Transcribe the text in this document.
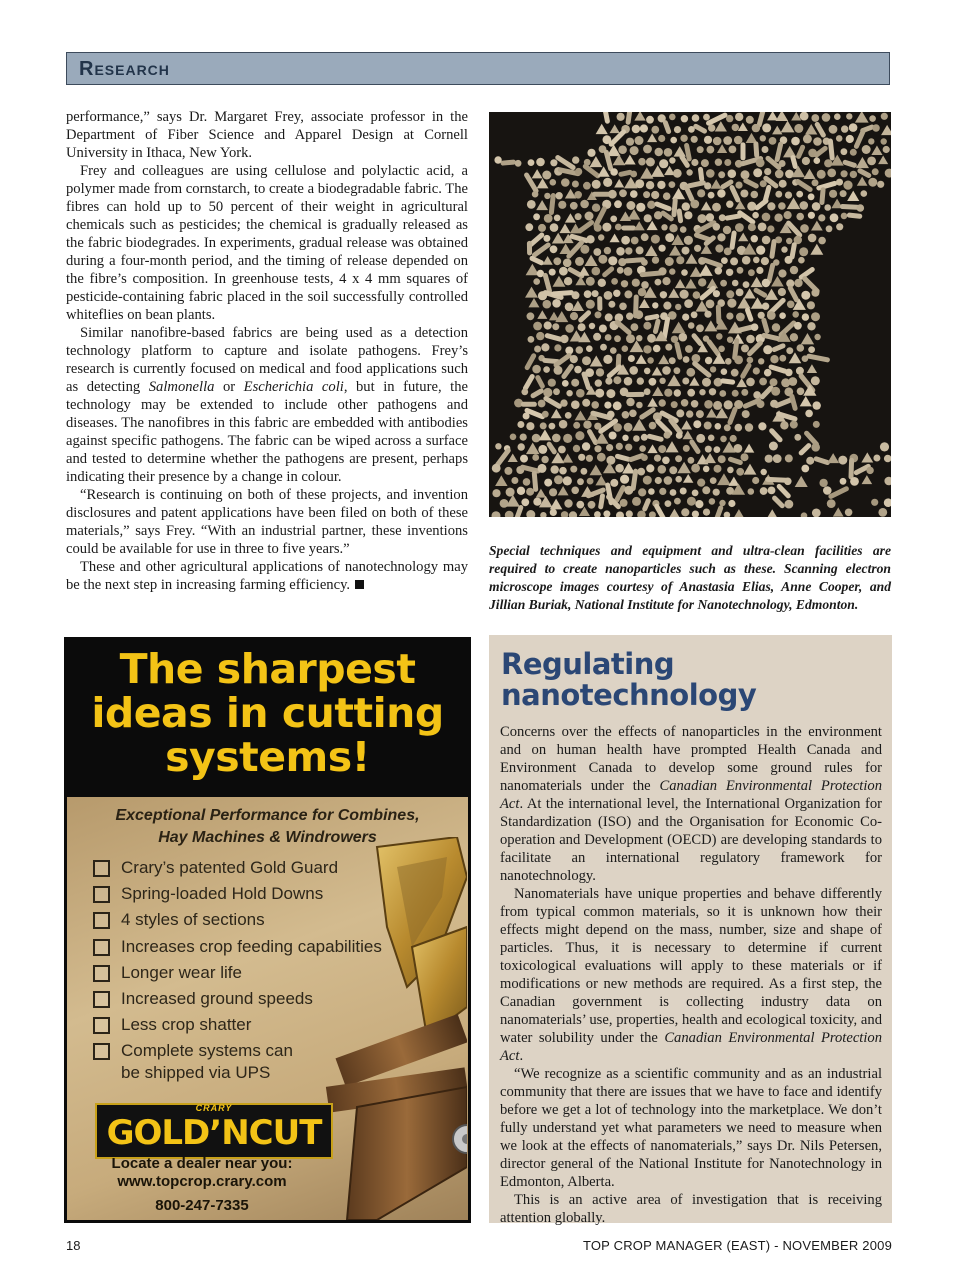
Research

performance,” says Dr. Margaret Frey, associate professor in the Department of Fiber Science and Apparel Design at Cornell University in Ithaca, New York.

Frey and colleagues are using cellulose and polylactic acid, a polymer made from cornstarch, to create a biodegradable fabric. The fibres can hold up to 50 percent of their weight in agricultural chemicals such as pesticides; the chemical is gradually released as the fabric biodegrades. In experiments, gradual release was obtained during a four-month period, and the timing of release depended on the fibre’s composition. In greenhouse tests, 4 x 4 mm squares of pesticide-containing fabric placed in the soil successfully controlled whiteflies on bean plants.

Similar nanofibre-based fabrics are being used as a detection technology platform to capture and isolate pathogens. Frey’s research is currently focused on medical and food applications such as detecting Salmonella or Escherichia coli, but in future, the technology may be extended to include other pathogens and diseases. The nanofibres in this fabric are embedded with antibodies against specific pathogens. The fabric can be wiped across a surface and tested to determine whether the pathogens are present, perhaps indicating their presence by a change in colour.

“Research is continuing on both of these projects, and invention disclosures and patent applications have been filed on both of these materials,” says Frey. “With an industrial partner, these inventions could be available for use in three to five years.”

These and other agricultural applications of nanotechnology may be the next step in increasing farming efficiency.

Special techniques and equipment and ultra-clean facilities are required to create nanoparticles such as these. Scanning electron microscope images courtesy of Anastasia Elias, Anne Cooper, and Jillian Buriak, National Institute for Nanotechnology, Edmonton.
The sharpest
ideas in cutting
systems!
Exceptional Performance for Combines,
Hay Machines & Windrowers
Crary’s patented Gold Guard
Spring-loaded Hold Downs
4 styles of sections
Increases crop feeding capabilities
Longer wear life
Increased ground speeds
Less crop shatter
Complete systems can
be shipped via UPS
CRARY
GOLD’NCUT
Locate a dealer near you:
www.topcrop.crary.com
800-247-7335
Regulating
nanotechnology

Concerns over the effects of nanoparticles in the environment and on human health have prompted Health Canada and Environment Canada to develop some ground rules for nanomaterials under the Canadian Environmental Protection Act. At the international level, the International Organization for Standardization (ISO) and the Organisation for Economic Co-operation and Development (OECD) are developing standards to facilitate an international regulatory framework for nanotechnology.

Nanomaterials have unique properties and behave differently from typical common materials, so it is unknown how their effects might depend on the mass, number, size and shape of particles. Thus, it is necessary to determine if current toxicological evaluations will apply to these materials or if modifications or new methods are required. As a first step, the Canadian government is collecting industry data on nanomaterials’ use, properties, health and ecological toxicity, and water solubility under the Canadian Environmental Protection Act.

“We recognize as a scientific community and as an industrial community that there are issues that we have to face and identify before we get a lot of technology into the marketplace. We don’t fully understand yet what parameters we need to measure when we look at the effects of nanomaterials,” says Dr. Nils Petersen, director general of the National Institute for Nanotechnology in Edmonton, Alberta.

This is an active area of investigation that is receiving attention globally.

18	TOP CROP MANAGER (EAST) - NOVEMBER 2009
